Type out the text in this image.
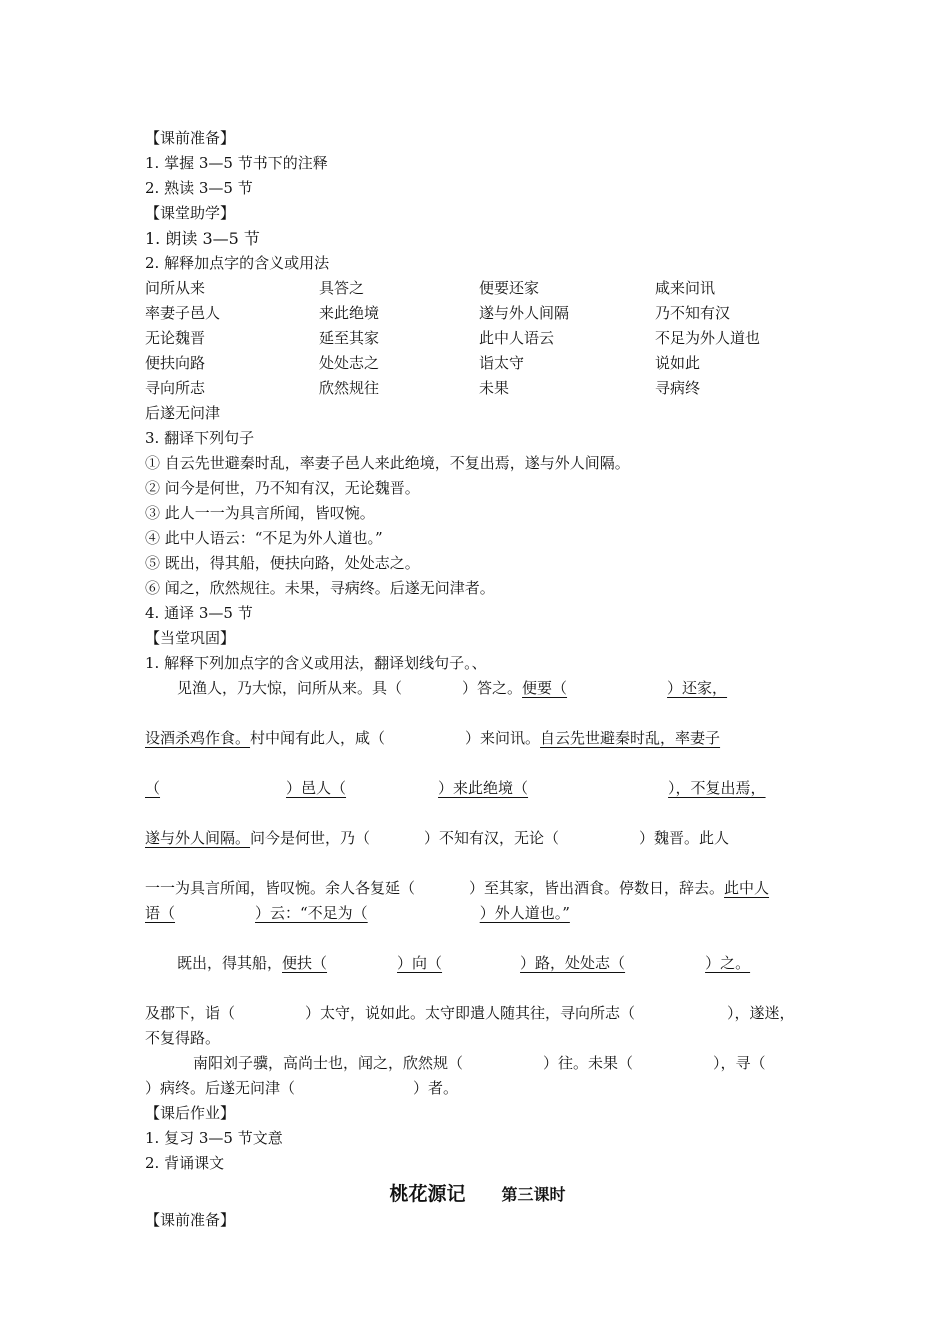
【课前准备】
1. 掌握 3—5 节书下的注释
2. 熟读 3—5 节
【课堂助学】
1. 朗读 3—5 节
2. 解释加点字的含义或用法
问所从来	具答之	便要还家	咸来问讯
率妻子邑人	来此绝境	遂与外人间隔	乃不知有汉
无论魏晋	延至其家	此中人语云	不足为外人道也
便扶向路	处处志之	诣太守	说如此
寻向所志	欣然规往	未果	寻病终
后遂无问津
3. 翻译下列句子
① 自云先世避秦时乱，率妻子邑人来此绝境，不复出焉，遂与外人间隔。
② 问今是何世，乃不知有汉，无论魏晋。
③ 此人一一为具言所闻，皆叹惋。
④ 此中人语云：“不足为外人道也。”
⑤ 既出，得其船，便扶向路，处处志之。
⑥ 闻之，欣然规往。未果，寻病终。后遂无问津者。
4. 通译 3—5 节
【当堂巩固】
1. 解释下列加点字的含义或用法，翻译划线句子。、
见渔人，乃大惊，问所从来。具（	）答之。便要（	）还家，
设酒杀鸡作食。村中闻有此人，咸（	）来问讯。自云先世避秦时乱，率妻子
（	）邑人（	）来此绝境（	），不复出焉，
遂与外人间隔。问今是何世，乃（	）不知有汉，无论（	）魏晋。此人
一一为具言所闻，皆叹惋。余人各复延（	）至其家，皆出酒食。停数日，辞去。此中人
语（	）云：“不足为（	）外人道也。”
既出，得其船，便扶（	）向（	）路，处处志（	）之。
及郡下，诣（	）太守，说如此。太守即遣人随其往，寻向所志（	），遂迷，
不复得路。
南阳刘子骥，高尚士也，闻之，欣然规（	）往。未果（	），寻（
）病终。后遂无问津（	）者。
【课后作业】
1. 复习 3—5 节文意
2. 背诵课文
桃花源记 第三课时
【课前准备】
